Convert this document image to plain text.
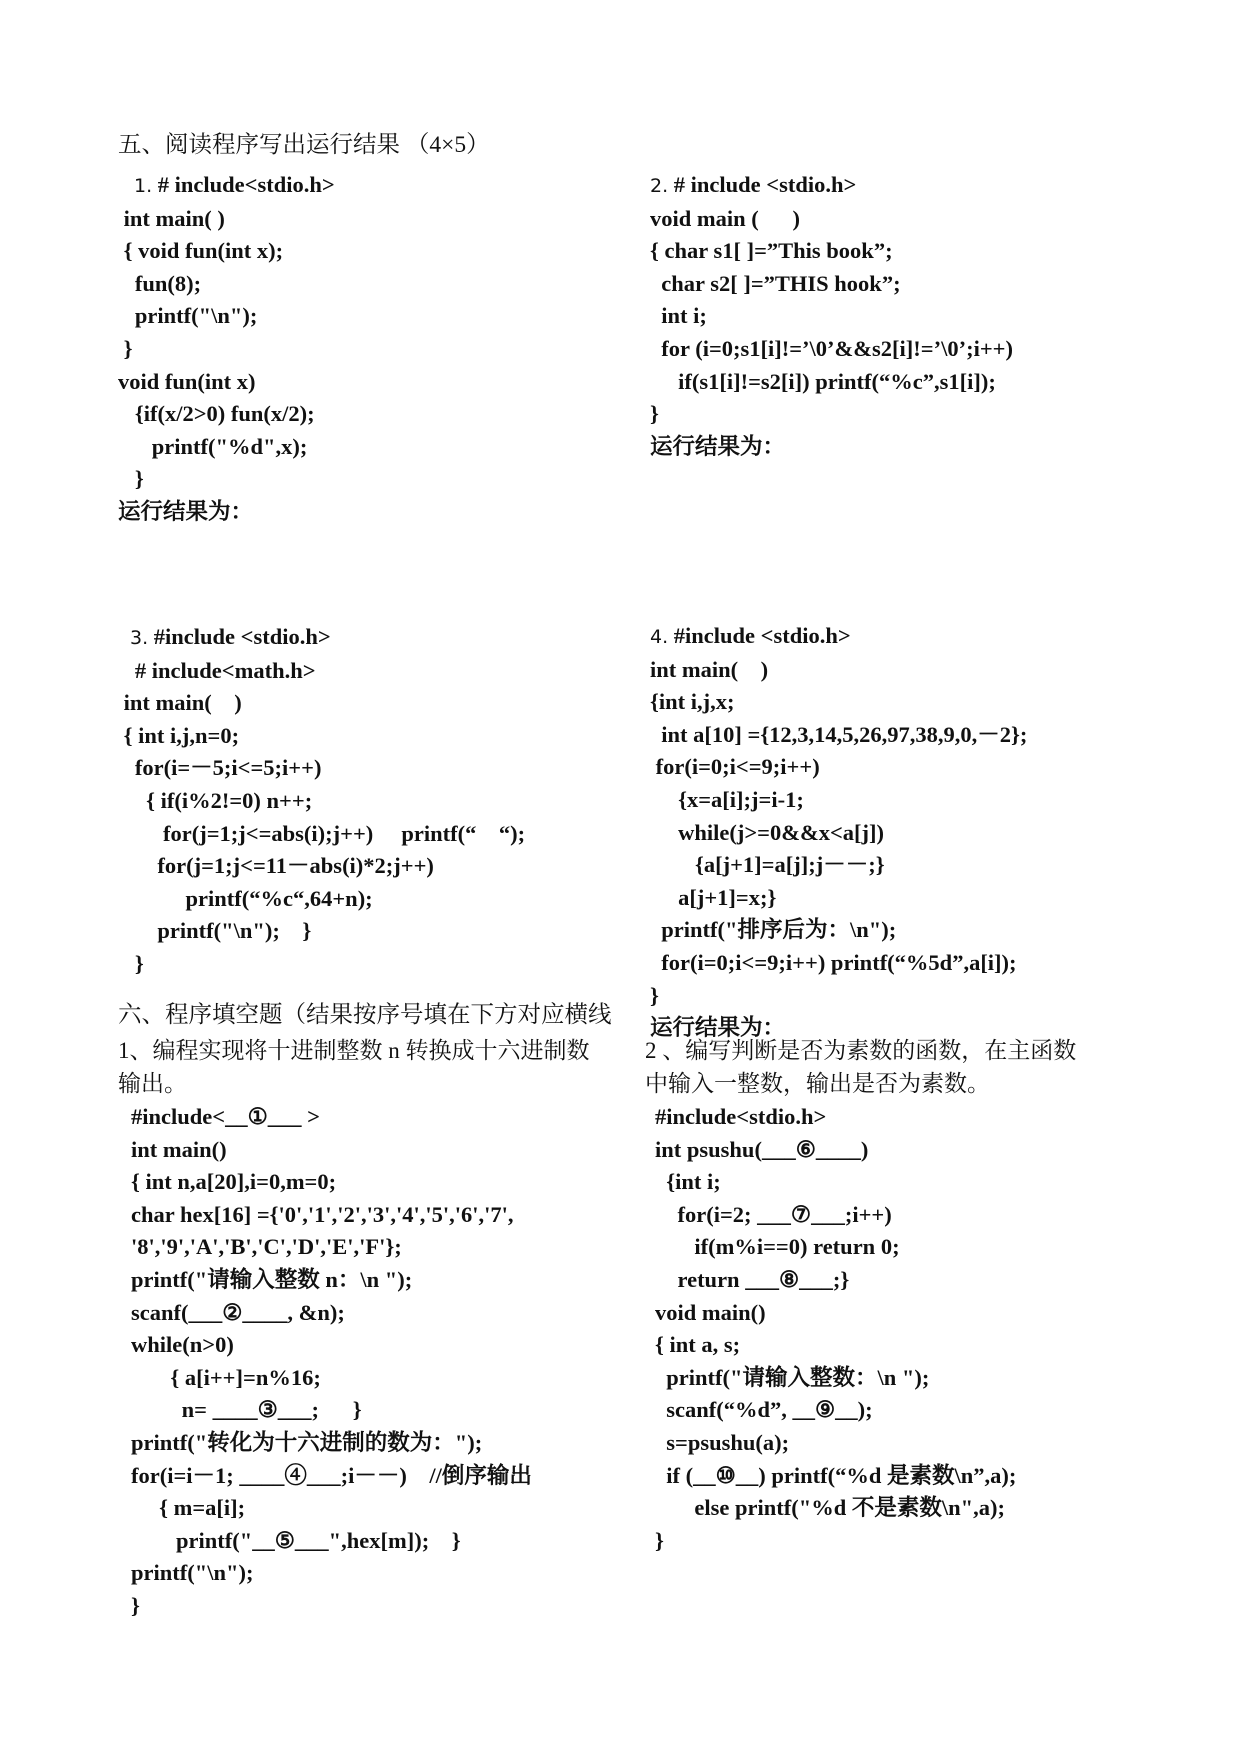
五、阅读程序写出运行结果 （4×5）
1. # include<stdio.h>
int main( )
{ void fun(int x);
fun(8);
printf("\n");
}
void fun(int x)
{if(x/2>0) fun(x/2);
printf("%d",x);
}
运行结果为：
2. # include <stdio.h>
void main (      )
{ char s1[ ]=”This book”;
char s2[ ]=”THIS hook”;
int i;
for (i=0;s1[i]!=’\0’&&s2[i]!=’\0’;i++)
if(s1[i]!=s2[i]) printf(“%c”,s1[i]);
}
运行结果为：
3. #include <stdio.h>
# include<math.h>
int main(    )
{ int i,j,n=0;
for(i=－5;i<=5;i++)
{ if(i%2!=0) n++;
for(j=1;j<=abs(i);j++)     printf(“    “);
for(j=1;j<=11－abs(i)*2;j++)
printf(“%c“,64+n);
printf("\n");    }
}
4. #include <stdio.h>
int main(    )
{int i,j,x;
int a[10] ={12,3,14,5,26,97,38,9,0,－2};
for(i=0;i<=9;i++)
{x=a[i];j=i-1;
while(j>=0&&x<a[j])
{a[j+1]=a[j];j－－;}
a[j+1]=x;}
printf("排序后为：\n");
for(i=0;i<=9;i++) printf(“%5d”,a[i]);
}
运行结果为：
六、程序填空题（结果按序号填在下方对应横线
1、编程实现将十进制整数 n 转换成十六进制数
输出。
#include<__①___ >
int main()
{ int n,a[20],i=0,m=0;
char hex[16] ={'0','1','2','3','4','5','6','7',
'8','9','A','B','C','D','E','F'};
printf("请输入整数 n：\n ");
scanf(___②____, &n);
while(n>0)
{ a[i++]=n%16;
n= ____③___;      }
printf("转化为十六进制的数为：");
for(i=i－1; ____④___;i－－)    //倒序输出
{ m=a[i];
printf("__⑤___",hex[m]);    }
printf("\n");
}
2 、编写判断是否为素数的函数，在主函数
中输入一整数，输出是否为素数。
#include<stdio.h>
int psushu(___⑥____)
{int i;
for(i=2; ___⑦___;i++)
if(m%i==0) return 0;
return ___⑧___;}
void main()
{ int a, s;
printf("请输入整数：\n ");
scanf(“%d”, __⑨__);
s=psushu(a);
if (__⑩__) printf(“%d 是素数\n”,a);
else printf("%d 不是素数\n",a);
}
